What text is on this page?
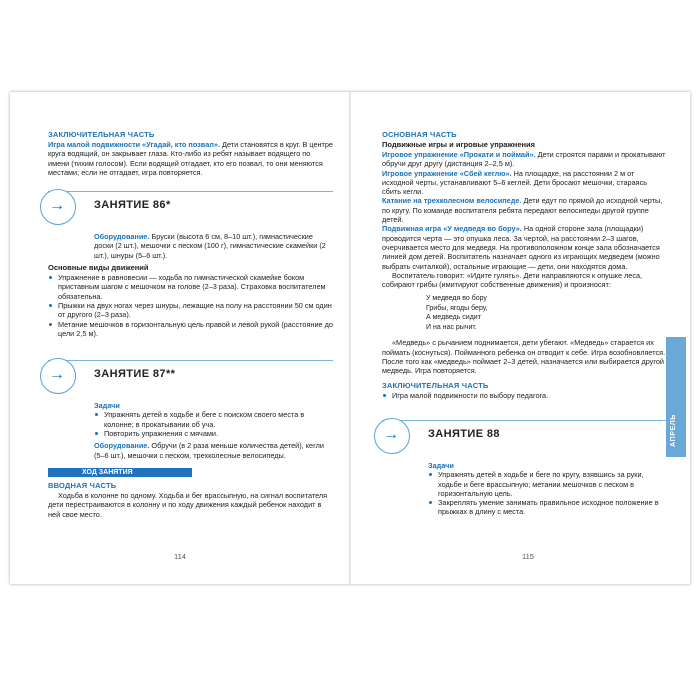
ЗАКЛЮЧИТЕЛЬНАЯ ЧАСТЬ

Игра малой подвижности «Угадай, кто позвал». Дети становятся в круг. В центре круга водящий, он закрывает глаза. Кто-либо из ребят называет водящего по имени (тихим голосом). Если водящий отгадает, кто его позвал, то они меняются местами; если не отгадает, игра повторяется.

→	ЗАНЯТИЕ 86*

Оборудование. Бруски (высота 6 см, 8–10 шт.), гимнастические доски (2 шт.), мешочки с песком (100 г), гимнастические скамейки (2 шт.), шнуры (5–6 шт.).

Основные виды движений

Упражнение в равновесии — ходьба по гимнастической скамейке боком приставным шагом с мешочком на голове (2–3 раза). Страховка воспитателем обязательна.
Прыжки на двух ногах через шнуры, лежащие на полу на расстоянии 50 см один от другого (2–3 раза).
Метание мешочков в горизонтальную цель правой и левой рукой (расстояние до цели 2,5 м).
→	ЗАНЯТИЕ 87**

Задачи

Упражнять детей в ходьбе и беге с поиском своего места в колонне; в прокатывании об уча.
Повторить упражнения с мячами.

Оборудование. Обручи (в 2 раза меньше количества детей), кегли (5–6 шт.), мешочки с песком, трехколесные велосипеды.

ХОД ЗАНЯТИЯ

ВВОДНАЯ ЧАСТЬ

Ходьба в колонне по одному. Ходьба и бег врассыпную, на сигнал воспитателя дети перестраиваются в колонну и по ходу движения каждый ребенок находит в ней свое место.

114

ОСНОВНАЯ ЧАСТЬ

Подвижные игры и игровые упражнения

Игровое упражнение «Прокати и поймай». Дети строятся парами и прокатывают обручи друг другу (дистанция 2–2,5 м).

Игровое упражнение «Сбей кеглю». На площадке, на расстоянии 2 м от исходной черты, устанавливают 5–6 кеглей. Дети бросают мешочки, стараясь сбить кегли.

Катание на трехколесном велосипеде. Дети едут по прямой до исходной черты, по кругу. По команде воспитателя ребята передают велосипеды другой группе детей.

Подвижная игра «У медведя во бору». На одной стороне зала (площадки) проводится черта — это опушка леса. За чертой, на расстоянии 2–3 шагов, очерчивается место для медведя. На противоположном конце зала обозначается линией дом детей. Воспитатель назначает одного из играющих медведем (можно выбрать считалкой), остальные играющие — дети, они находятся дома.

Воспитатель говорит: «Идите гулять». Дети направляются к опушке леса, собирают грибы (имитируют собственные движения) и произносят:

У медведя во бору

Грибы, ягоды беру,

А медведь сидит

И на нас рычит.

«Медведь» с рычанием поднимается, дети убегают. «Медведь» старается их поймать (коснуться). Пойманного ребенка он отводит к себе. Игра возобновляется. После того как «медведь» поймает 2–3 детей, назначается или выбирается другой медведь. Игра повторяется.

ЗАКЛЮЧИТЕЛЬНАЯ ЧАСТЬ

Игра малой подвижности по выбору педагога.
→	ЗАНЯТИЕ 88

Задачи

Упражнять детей в ходьбе и беге по кругу, взявшись за руки, ходьбе и беге врассыпную; метании мешочков с песком в горизонтальную цель.
Закреплять умение занимать правильное исходное положение в прыжках в длину с места.
115
АПРЕЛЬ
